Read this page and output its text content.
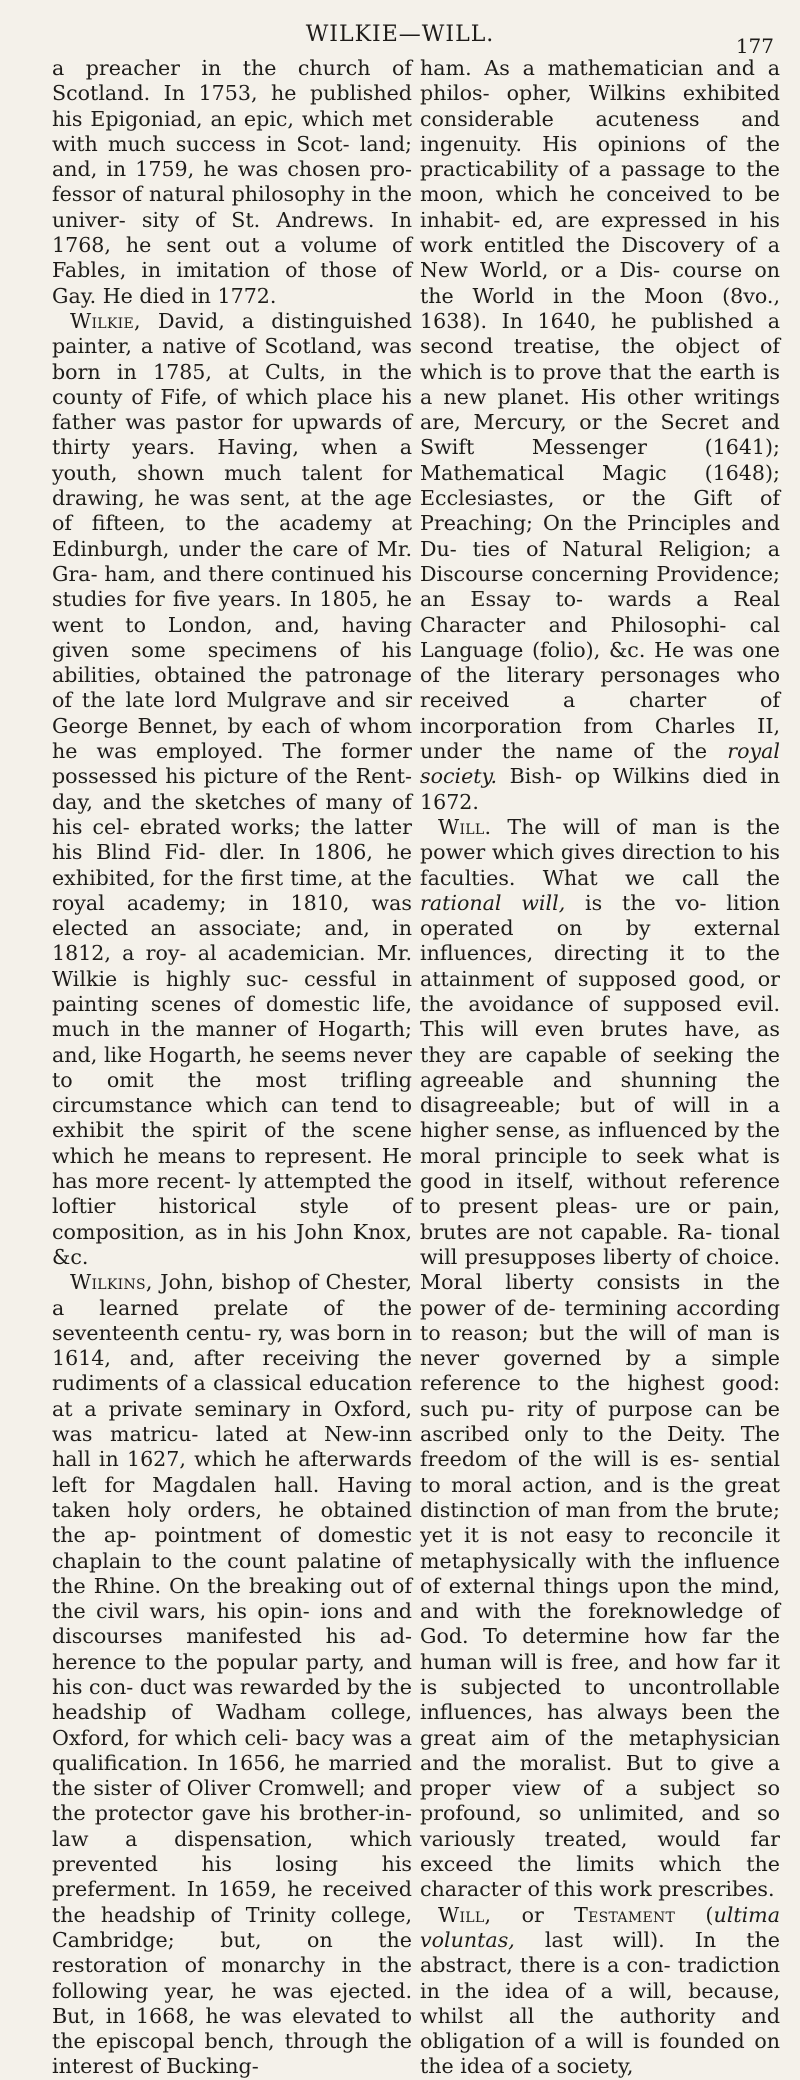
WILKIE—WILL.	177

a preacher in the church of Scotland. In 1753, he published his Epigoniad, an epic, which met with much success in Scot- land; and, in 1759, he was chosen pro- fessor of natural philosophy in the univer- sity of St. Andrews. In 1768, he sent out a volume of Fables, in imitation of those of Gay. He died in 1772.

Wilkie, David, a distinguished painter, a native of Scotland, was born in 1785, at Cults, in the county of Fife, of which place his father was pastor for upwards of thirty years. Having, when a youth, shown much talent for drawing, he was sent, at the age of fifteen, to the academy at Edinburgh, under the care of Mr. Gra- ham, and there continued his studies for five years. In 1805, he went to London, and, having given some specimens of his abilities, obtained the patronage of the late lord Mulgrave and sir George Bennet, by each of whom he was employed. The former possessed his picture of the Rent- day, and the sketches of many of his cel- ebrated works; the latter his Blind Fid- dler. In 1806, he exhibited, for the first time, at the royal academy; in 1810, was elected an associate; and, in 1812, a roy- al academician. Mr. Wilkie is highly suc- cessful in painting scenes of domestic life, much in the manner of Hogarth; and, like Hogarth, he seems never to omit the most trifling circumstance which can tend to exhibit the spirit of the scene which he means to represent. He has more recent- ly attempted the loftier historical style of composition, as in his John Knox, &c.

Wilkins, John, bishop of Chester, a learned prelate of the seventeenth centu- ry, was born in 1614, and, after receiving the rudiments of a classical education at a private seminary in Oxford, was matricu- lated at New-inn hall in 1627, which he afterwards left for Magdalen hall. Having taken holy orders, he obtained the ap- pointment of domestic chaplain to the count palatine of the Rhine. On the breaking out of the civil wars, his opin- ions and discourses manifested his ad- herence to the popular party, and his con- duct was rewarded by the headship of Wadham college, Oxford, for which celi- bacy was a qualification. In 1656, he married the sister of Oliver Cromwell; and the protector gave his brother-in-law a dispensation, which prevented his losing his preferment. In 1659, he received the headship of Trinity college, Cambridge; but, on the restoration of monarchy in the following year, he was ejected. But, in 1668, he was elevated to the episcopal bench, through the interest of Bucking-

ham. As a mathematician and a philos- opher, Wilkins exhibited considerable acuteness and ingenuity. His opinions of the practicability of a passage to the moon, which he conceived to be inhabit- ed, are expressed in his work entitled the Discovery of a New World, or a Dis- course on the World in the Moon (8vo., 1638). In 1640, he published a second treatise, the object of which is to prove that the earth is a new planet. His other writings are, Mercury, or the Secret and Swift Messenger (1641); Mathematical Magic (1648); Ecclesiastes, or the Gift of Preaching; On the Principles and Du- ties of Natural Religion; a Discourse concerning Providence; an Essay to- wards a Real Character and Philosophi- cal Language (folio), &c. He was one of the literary personages who received a charter of incorporation from Charles II, under the name of the royal society. Bish- op Wilkins died in 1672.

Will. The will of man is the power which gives direction to his faculties. What we call the rational will, is the vo- lition operated on by external influences, directing it to the attainment of supposed good, or the avoidance of supposed evil. This will even brutes have, as they are capable of seeking the agreeable and shunning the disagreeable; but of will in a higher sense, as influenced by the moral principle to seek what is good in itself, without reference to present pleas- ure or pain, brutes are not capable. Ra- tional will presupposes liberty of choice. Moral liberty consists in the power of de- termining according to reason; but the will of man is never governed by a simple reference to the highest good: such pu- rity of purpose can be ascribed only to the Deity. The freedom of the will is es- sential to moral action, and is the great distinction of man from the brute; yet it is not easy to reconcile it metaphysically with the influence of external things upon the mind, and with the foreknowledge of God. To determine how far the human will is free, and how far it is subjected to uncontrollable influences, has always been the great aim of the metaphysician and the moralist. But to give a proper view of a subject so profound, so unlimited, and so variously treated, would far exceed the limits which the character of this work prescribes.

Will, or Testament (ultima voluntas, last will). In the abstract, there is a con- tradiction in the idea of a will, because, whilst all the authority and obligation of a will is founded on the idea of a society,
